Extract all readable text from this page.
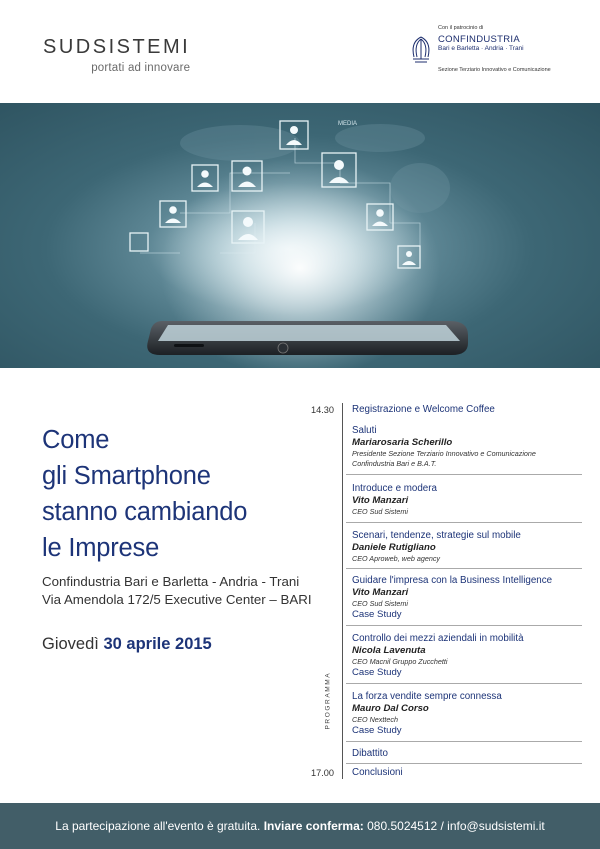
SUDSISTEMI
portati ad innovare
Con il patrocinio di
CONFINDUSTRIA
Bari e Barletta · Andria · Trani
Sezione Terziario Innovativo e Comunicazione
MEDIA
Come
gli Smartphone
stanno cambiando
le Imprese
Confindustria Bari e Barletta - Andria - Trani
Via Amendola 172/5 Executive Center – BARI
Giovedì 30 aprile 2015
PROGRAMMA
14.30 Registrazione e Welcome Coffee
Saluti
Mariarosaria Scherillo
Presidente Sezione Terziario Innovativo e Comunicazione
Confindustria Bari e B.A.T.
Introduce e modera
Vito Manzari
CEO Sud Sistemi
Scenari, tendenze, strategie sul mobile
Daniele Rutigliano
CEO Aproweb, web agency
Guidare l'impresa con la Business Intelligence
Vito Manzari
CEO Sud Sistemi
Case Study
Controllo dei mezzi aziendali in mobilità
Nicola Lavenuta
CEO Macnil Gruppo Zucchetti
Case Study
La forza vendite sempre connessa
Mauro Dal Corso
CEO Nexttech
Case Study
Dibattito
17.00 Conclusioni
La partecipazione all'evento è gratuita. Inviare conferma: 080.5024512 / info@sudsistemi.it
